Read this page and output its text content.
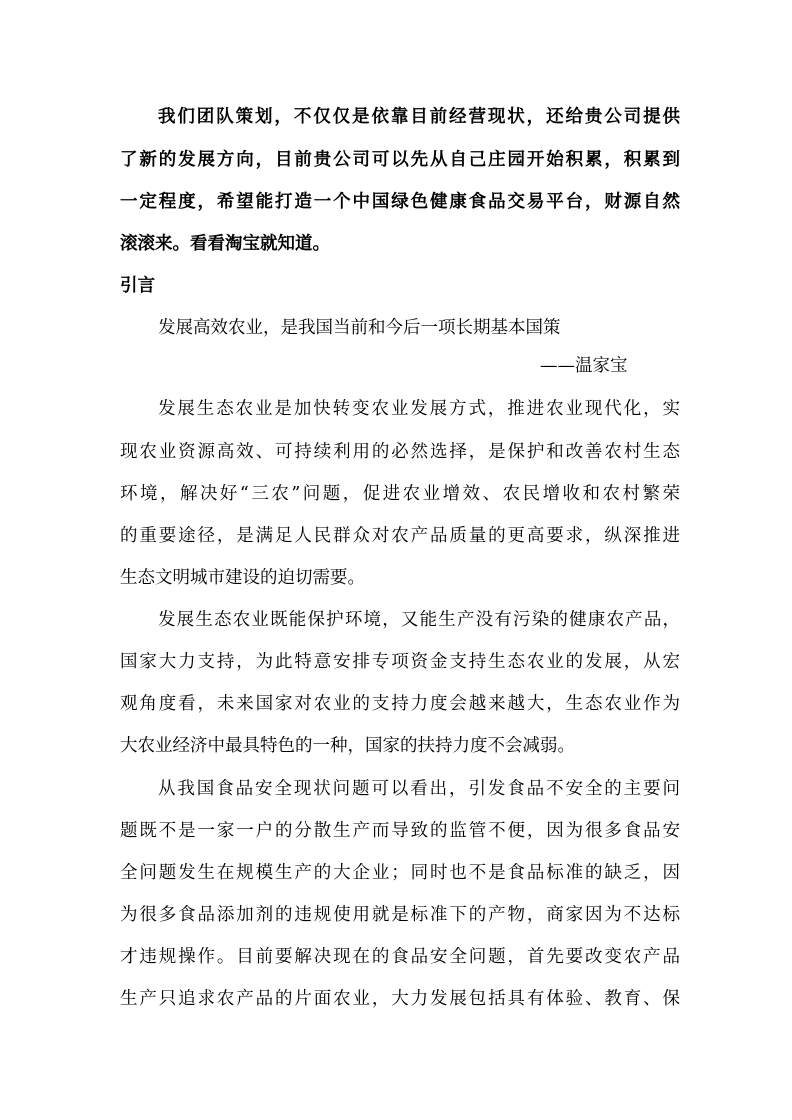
我们团队策划，不仅仅是依靠目前经营现状，还给贵公司提供
了新的发展方向，目前贵公司可以先从自己庄园开始积累，积累到
一定程度，希望能打造一个中国绿色健康食品交易平台，财源自然
滚滚来。看看淘宝就知道。
引言
发展高效农业，是我国当前和今后一项长期基本国策
——温家宝
发展生态农业是加快转变农业发展方式，推进农业现代化，实
现农业资源高效、可持续利用的必然选择，是保护和改善农村生态
环境，解决好“三农”问题，促进农业增效、农民增收和农村繁荣
的重要途径，是满足人民群众对农产品质量的更高要求，纵深推进
生态文明城市建设的迫切需要。
发展生态农业既能保护环境，又能生产没有污染的健康农产品，
国家大力支持，为此特意安排专项资金支持生态农业的发展，从宏
观角度看，未来国家对农业的支持力度会越来越大，生态农业作为
大农业经济中最具特色的一种，国家的扶持力度不会减弱。
从我国食品安全现状问题可以看出，引发食品不安全的主要问
题既不是一家一户的分散生产而导致的监管不便，因为很多食品安
全问题发生在规模生产的大企业；同时也不是食品标准的缺乏，因
为很多食品添加剂的违规使用就是标准下的产物，商家因为不达标
才违规操作。目前要解决现在的食品安全问题，首先要改变农产品
生产只追求农产品的片面农业，大力发展包括具有体验、教育、保
